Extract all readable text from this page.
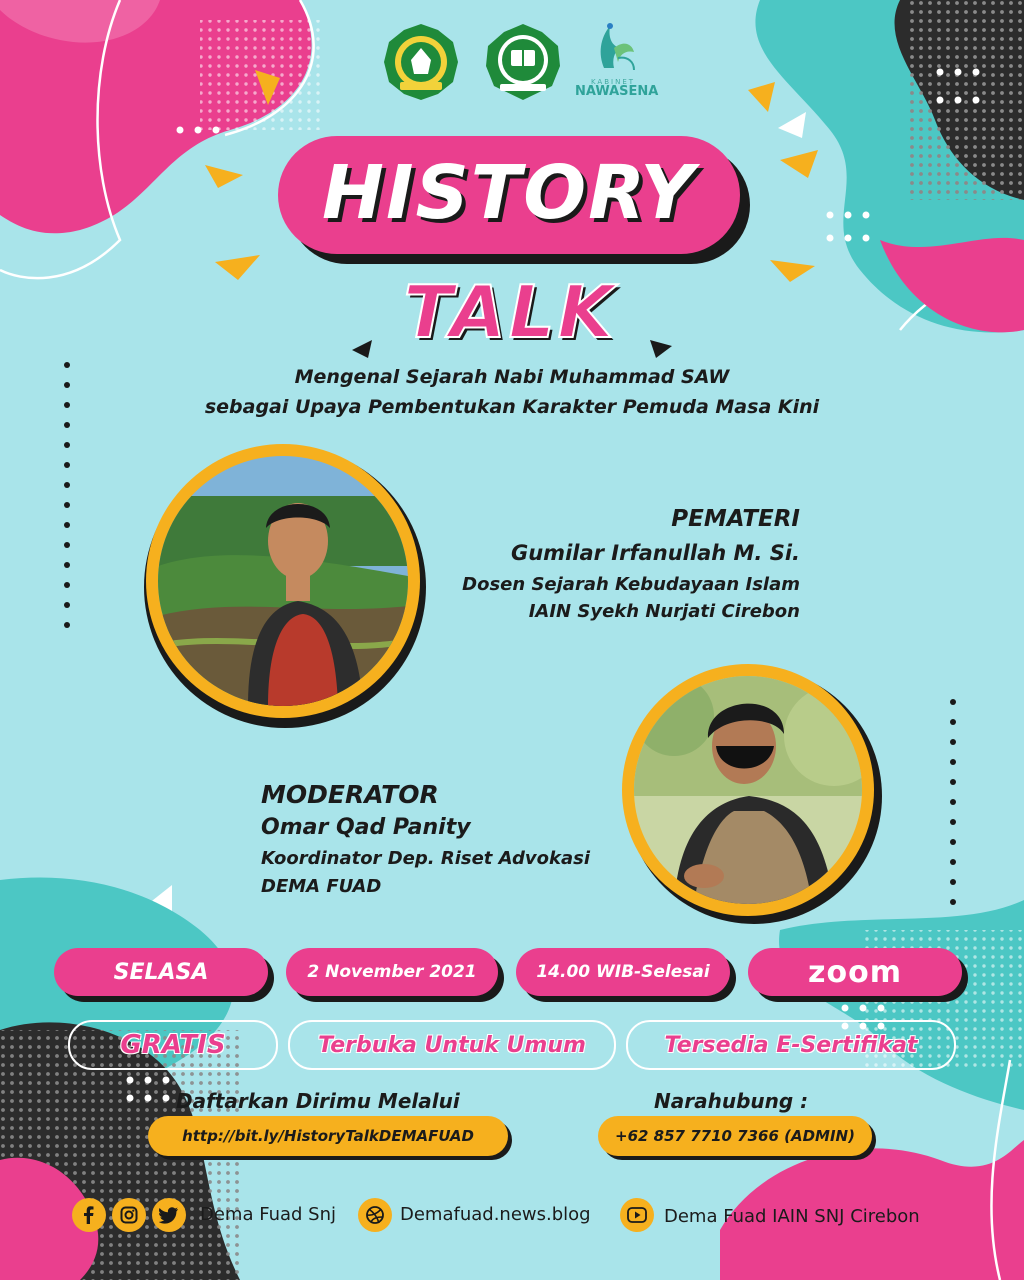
KABINET
NAWASENA
HISTORY
TALK
Mengenal Sejarah Nabi Muhammad SAW
sebagai Upaya Pembentukan Karakter Pemuda Masa Kini
PEMATERI
Gumilar Irfanullah M. Si.
Dosen Sejarah Kebudayaan Islam
IAIN Syekh Nurjati Cirebon
MODERATOR
Omar Qad Panity
Koordinator Dep. Riset Advokasi
DEMA FUAD
SELASA	2 November 2021	14.00 WIB-Selesai	zoom
GRATIS	Terbuka Untuk Umum	Tersedia E-Sertifikat
Daftarkan Dirimu Melalui
http://bit.ly/HistoryTalkDEMAFUAD
Narahubung :
+62 857 7710 7366 (ADMIN)
Dema Fuad Snj	Demafuad.news.blog	Dema Fuad IAIN SNJ Cirebon
